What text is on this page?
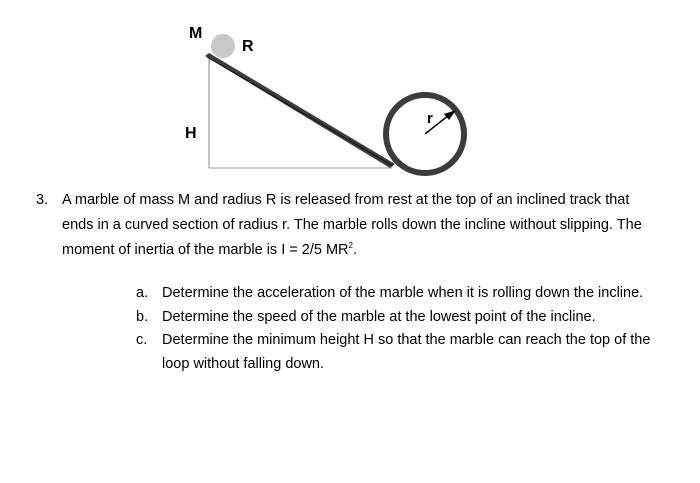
M
R
H
r
3. A marble of mass M and radius R is released from rest at the top of an inclined track that ends in a curved section of radius r. The marble rolls down the incline without slipping. The moment of inertia of the marble is I = 2/5 $MR^2$.
a. Determine the acceleration of the marble when it is rolling down the incline.
b. Determine the speed of the marble at the lowest point of the incline.
c. Determine the minimum height H so that the marble can reach the top of the loop without falling down.
